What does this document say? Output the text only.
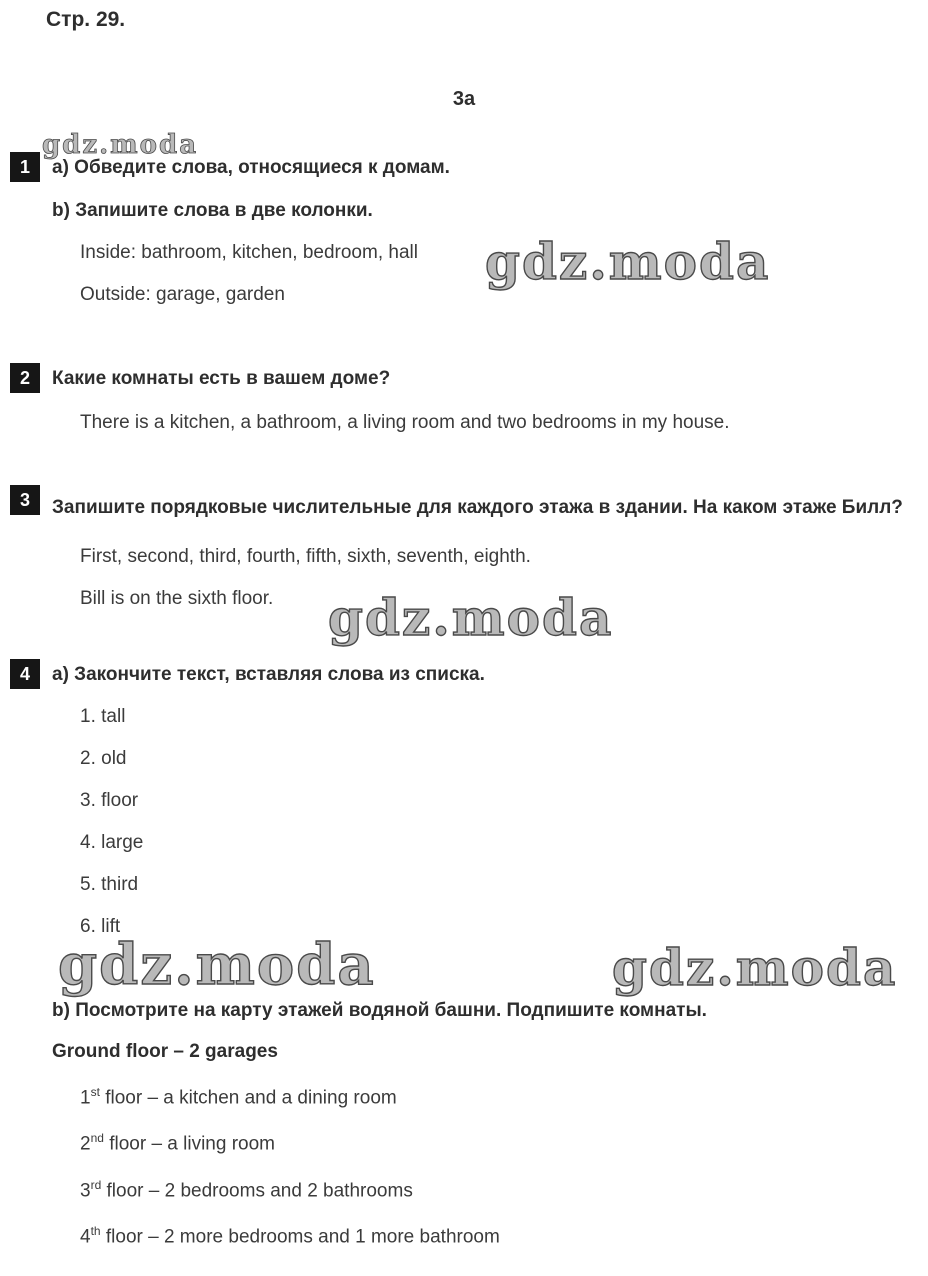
Стр. 29.
3a
gdz.moda
gdz.moda
gdz.moda
gdz.moda	gdz.moda
1	а) Обведите слова, относящиеся к домам.

b) Запишите слова в две колонки.

Inside: bathroom, kitchen, bedroom, hall

Outside: garage, garden

2	Какие комнаты есть в вашем доме?

There is a kitchen, a bathroom, a living room and two bedrooms in my house.

3	Запишите порядковые числительные для каждого этажа в здании. На каком этаже Билл?

First, second, third, fourth, fifth, sixth, seventh, eighth.

Bill is on the sixth floor.

4	а) Закончите текст, вставляя слова из списка.

1. tall

2. old

3. floor

4. large

5. third

6. lift

b) Посмотрите на карту этажей водяной башни. Подпишите комнаты.

Ground floor – 2 garages

1st floor – a kitchen and a dining room

2nd floor – a living room

3rd floor – 2 bedrooms and 2 bathrooms

4th floor – 2 more bedrooms and 1 more bathroom
